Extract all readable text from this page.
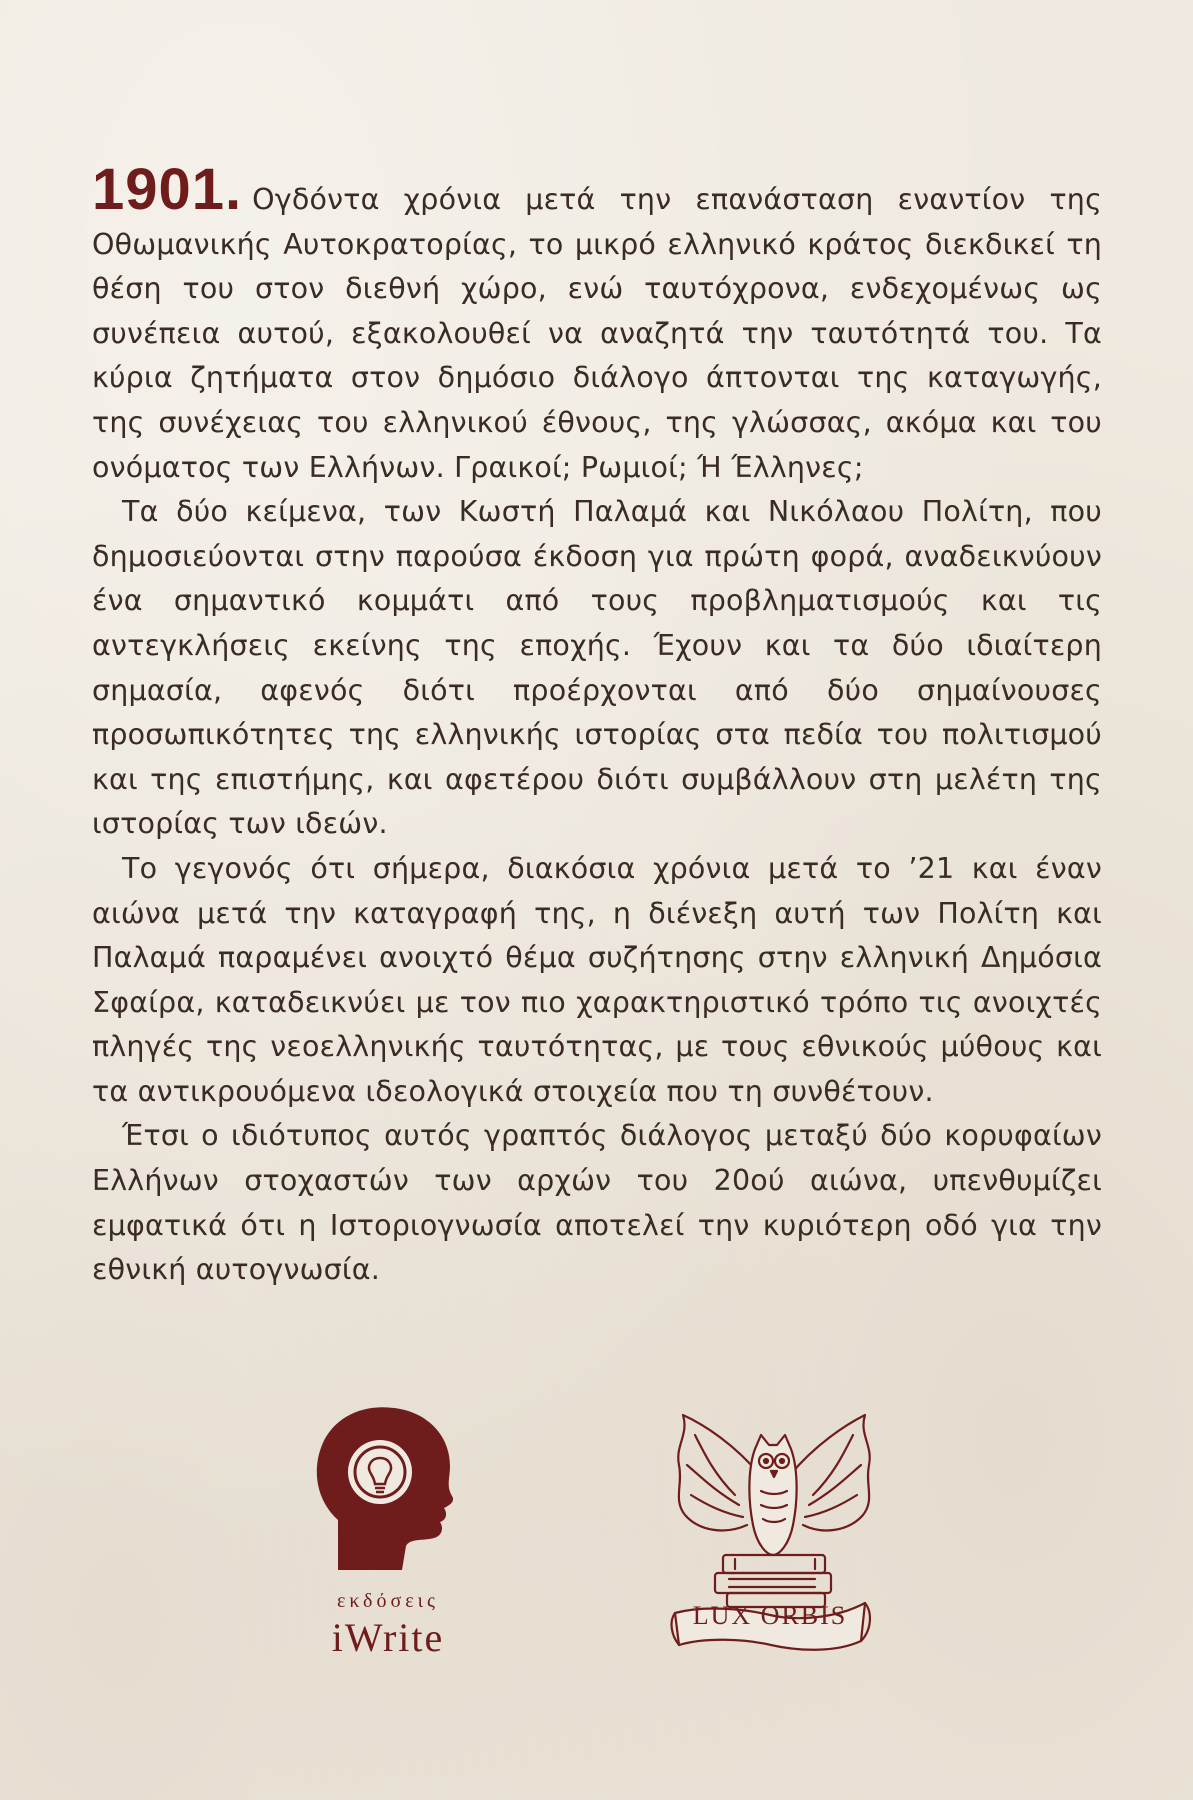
1901. Ογδόντα χρόνια μετά την επανάσταση εναντίον της Οθωμανικής Αυτοκρατορίας, το μικρό ελληνικό κράτος διεκδικεί τη θέση του στον διεθνή χώρο, ενώ ταυτόχρονα, ενδεχομένως ως συνέπεια αυτού, εξακολουθεί να αναζητά την ταυτότητά του. Τα κύρια ζητήματα στον δημόσιο διάλογο άπτονται της καταγωγής, της συνέχειας του ελληνικού έθνους, της γλώσσας, ακόμα και του ονόματος των Ελλήνων. Γραικοί; Ρωμιοί; Ή Έλληνες;

Τα δύο κείμενα, των Κωστή Παλαμά και Νικόλαου Πολίτη, που δημοσιεύονται στην παρούσα έκδοση για πρώτη φορά, αναδεικνύουν ένα σημαντικό κομμάτι από τους προβληματισμούς και τις αντεγκλήσεις εκείνης της εποχής. Έχουν και τα δύο ιδιαίτερη σημασία, αφενός διότι προέρχονται από δύο σημαίνουσες προσωπικότητες της ελληνικής ιστορίας στα πεδία του πολιτισμού και της επιστήμης, και αφετέρου διότι συμβάλλουν στη μελέτη της ιστορίας των ιδεών.

Το γεγονός ότι σήμερα, διακόσια χρόνια μετά το ’21 και έναν αιώνα μετά την καταγραφή της, η διένεξη αυτή των Πολίτη και Παλαμά παραμένει ανοιχτό θέμα συζήτησης στην ελληνική Δημόσια Σφαίρα, καταδεικνύει με τον πιο χαρακτηριστικό τρόπο τις ανοιχτές πληγές της νεοελληνικής ταυτότητας, με τους εθνικούς μύθους και τα αντικρουόμενα ιδεολογικά στοιχεία που τη συνθέτουν.

Έτσι ο ιδιότυπος αυτός γραπτός διάλογος μεταξύ δύο κορυφαίων Ελλήνων στοχαστών των αρχών του 20ού αιώνα, υπενθυμίζει εμφατικά ότι η Ιστοριογνωσία αποτελεί την κυριότερη οδό για την εθνική αυτογνωσία.

εκδόσεις
iWrite	LUX ORBIS
